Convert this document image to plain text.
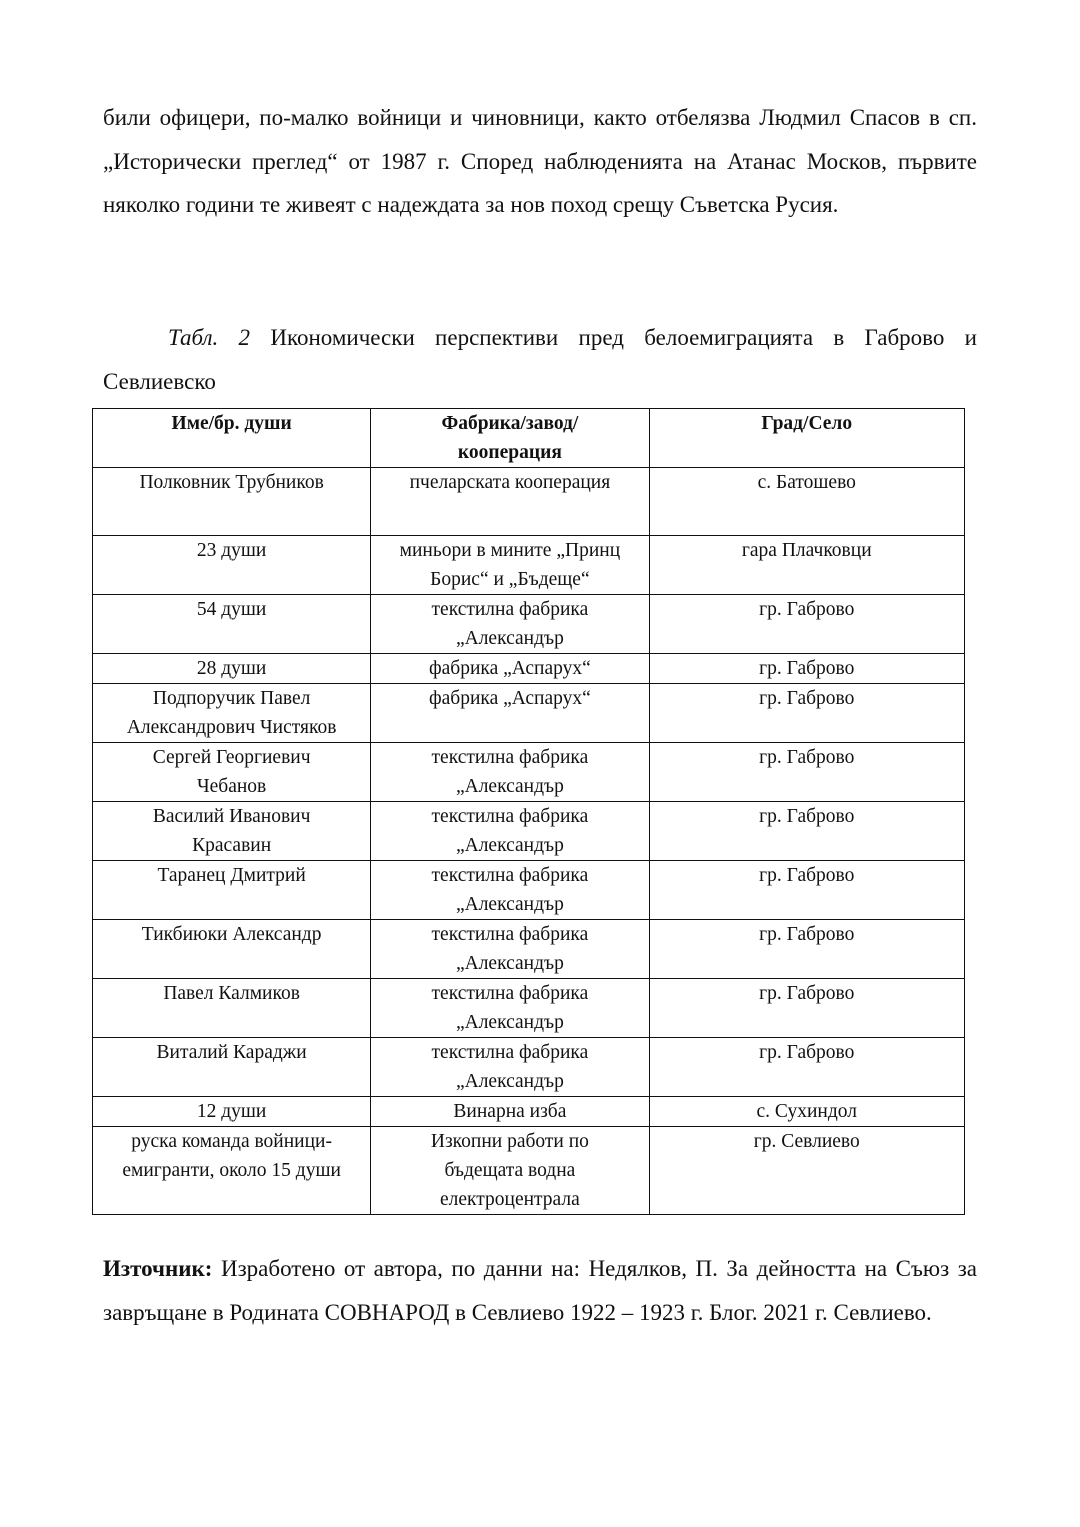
били офицери, по-малко войници и чиновници, както отбелязва Людмил Спасов в сп. „Исторически преглед“ от 1987 г. Според наблюденията на Атанас Москов, първите няколко години те живеят с надеждата за нов поход срещу Съветска Русия.

Табл. 2 Икономически перспективи пред белоемиграцията в Габрово и Севлиевско

Име/бр. души	Фабрика/завод/ кооперация	Град/Село
Полковник Трубников	пчеларската кооперация	с. Батошево
23 души	миньори в мините „Принц Борис“ и „Бъдеще“	гара Плачковци
54 души	текстилна фабрика „Александър	гр. Габрово
28 души	фабрика „Аспарух“	гр. Габрово
Подпоручик Павел Александрович Чистяков	фабрика „Аспарух“	гр. Габрово
Сергей Георгиевич Чебанов	текстилна фабрика „Александър	гр. Габрово
Василий Иванович Красавин	текстилна фабрика „Александър	гр. Габрово
Таранец Дмитрий	текстилна фабрика „Александър	гр. Габрово
Тикбиюки Александр	текстилна фабрика „Александър	гр. Габрово
Павел Калмиков	текстилна фабрика „Александър	гр. Габрово
Виталий Караджи	текстилна фабрика „Александър	гр. Габрово
12 души	Винарна изба	с. Сухиндол
руска команда войници-емигранти, около 15 души	Изкопни работи по бъдещата водна електроцентрала	гр. Севлиево

Източник: Изработено от автора, по данни на: Недялков, П. За дейността на Съюз за завръщане в Родината СОВНАРОД в Севлиево 1922 – 1923 г. Блог. 2021 г. Севлиево.
